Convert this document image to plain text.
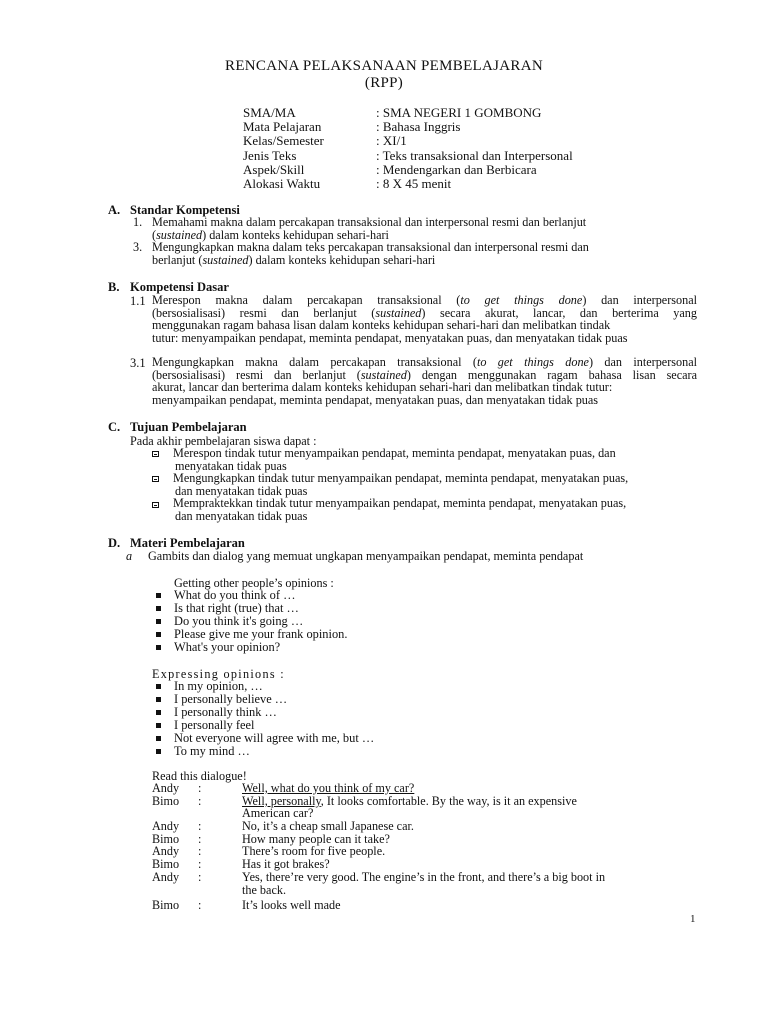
RENCANA PELAKSANAAN PEMBELAJARAN
(RPP)
SMA/MA	: SMA NEGERI 1 GOMBONG
Mata Pelajaran	: Bahasa Inggris
Kelas/Semester	: XI/1
Jenis Teks	: Teks transaksional dan Interpersonal
Aspek/Skill	: Mendengarkan dan Berbicara
Alokasi Waktu	: 8 X 45 menit
A. Standar Kompetensi
1. Memahami makna dalam percakapan transaksional dan interpersonal resmi dan berlanjut
(sustained) dalam konteks kehidupan sehari-hari
3. Mengungkapkan makna dalam teks percakapan transaksional dan interpersonal resmi dan
berlanjut (sustained) dalam konteks kehidupan sehari-hari
B. Kompetensi Dasar
1.1 Merespon makna dalam percakapan transaksional (to get things done) dan interpersonal
(bersosialisasi) resmi dan berlanjut (sustained) secara akurat, lancar, dan berterima yang
menggunakan ragam bahasa lisan dalam konteks kehidupan sehari-hari dan melibatkan tindak
tutur: menyampaikan pendapat, meminta pendapat, menyatakan puas, dan menyatakan tidak puas
3.1 Mengungkapkan makna dalam percakapan transaksional (to get things done) dan interpersonal
(bersosialisasi) resmi dan berlanjut (sustained) dengan menggunakan ragam bahasa lisan secara
akurat, lancar dan berterima dalam konteks kehidupan sehari-hari dan melibatkan tindak tutur:
menyampaikan pendapat, meminta pendapat, menyatakan puas, dan menyatakan tidak puas
C. Tujuan Pembelajaran
Pada akhir pembelajaran siswa dapat :
Merespon tindak tutur menyampaikan pendapat, meminta pendapat, menyatakan puas, dan
menyatakan tidak puas
Mengungkapkan tindak tutur menyampaikan pendapat, meminta pendapat, menyatakan puas,
dan menyatakan tidak puas
Mempraktekkan tindak tutur menyampaikan pendapat, meminta pendapat, menyatakan puas,
dan menyatakan tidak puas
D. Materi Pembelajaran
a Gambits dan dialog yang memuat ungkapan menyampaikan pendapat, meminta pendapat
Getting other people’s opinions :
What do you think of …
Is that right (true) that …
Do you think it's going …
Please give me your frank opinion.
What's your opinion?
Expressing opinions :
In my opinion, …
I personally believe …
I personally think …
I personally feel
Not everyone will agree with me, but …
To my mind …
Read this dialogue!
Andy :	Well, what do you think of my car?
Bimo :	Well, personally, It looks comfortable. By the way, is it an expensive
American car?
Andy :	No, it’s a cheap small Japanese car.
Bimo :	How many people can it take?
Andy :	There’s room for five people.
Bimo :	Has it got brakes?
Andy :	Yes, there’re very good. The engine’s in the front, and there’s a big boot in
the back.
Bimo :	It’s looks well made
1
